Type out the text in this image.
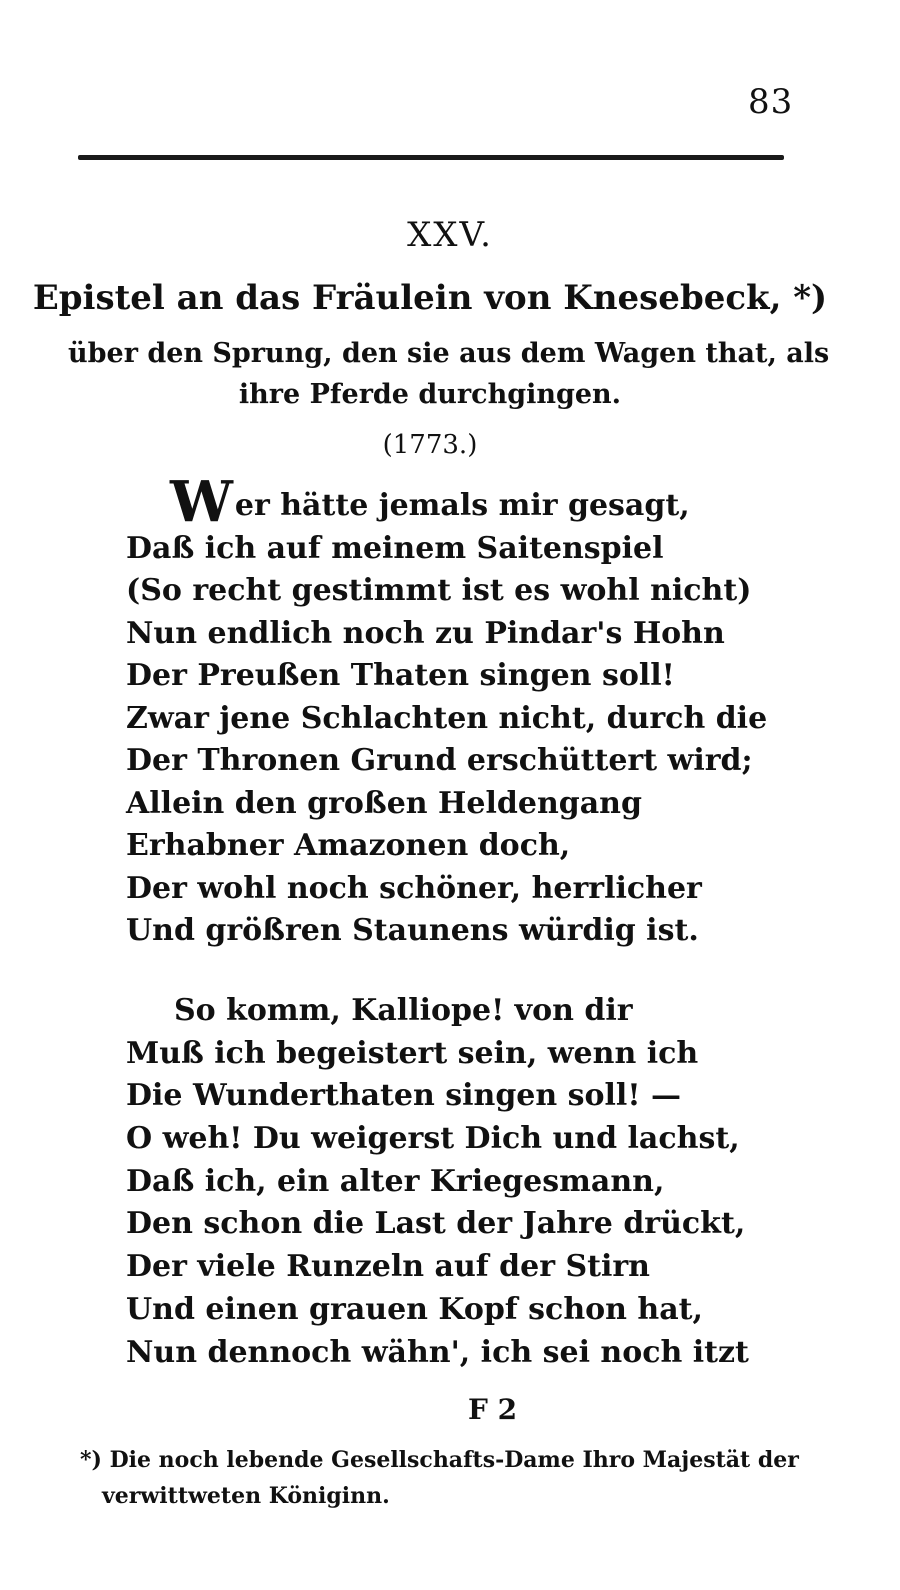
83
XXV.
Epistel an das Fräulein von Knesebeck, *)
über den Sprung, den sie aus dem Wagen that, als
ihre Pferde durchgingen.
(1773.)
Wer hätte jemals mir gesagt,
Daß ich auf meinem Saitenspiel
(So recht gestimmt ist es wohl nicht)
Nun endlich noch zu Pindar's Hohn
Der Preußen Thaten singen soll!
Zwar jene Schlachten nicht, durch die
Der Thronen Grund erschüttert wird;
Allein den großen Heldengang
Erhabner Amazonen doch,
Der wohl noch schöner, herrlicher
Und größren Staunens würdig ist.
So komm, Kalliope! von dir
Muß ich begeistert sein, wenn ich
Die Wunderthaten singen soll! —
O weh! Du weigerst Dich und lachst,
Daß ich, ein alter Kriegesmann,
Den schon die Last der Jahre drückt,
Der viele Runzeln auf der Stirn
Und einen grauen Kopf schon hat,
Nun dennoch wähn', ich sei noch itzt
F 2
*) Die noch lebende Gesellschafts-Dame Ihro Majestät der
verwittweten Königinn.
